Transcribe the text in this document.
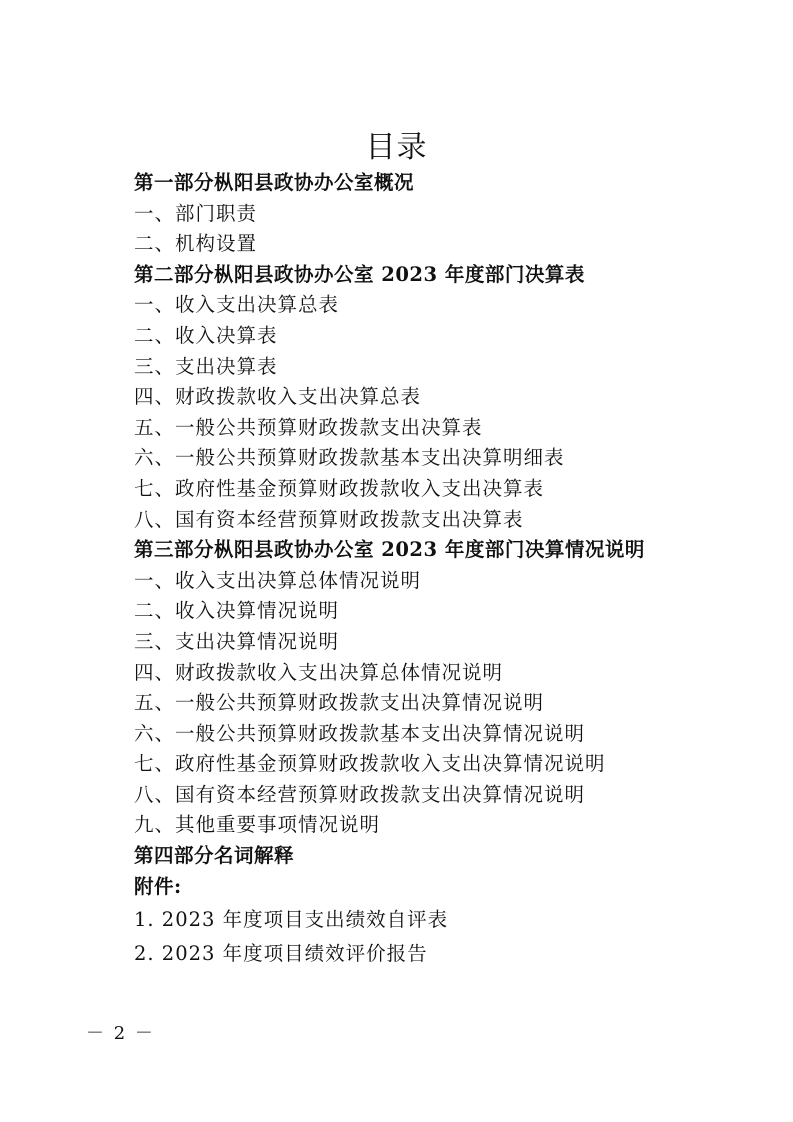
目录
第一部分枞阳县政协办公室概况
一、部门职责
二、机构设置
第二部分枞阳县政协办公室 2023 年度部门决算表
一、收入支出决算总表
二、收入决算表
三、支出决算表
四、财政拨款收入支出决算总表
五、一般公共预算财政拨款支出决算表
六、一般公共预算财政拨款基本支出决算明细表
七、政府性基金预算财政拨款收入支出决算表
八、国有资本经营预算财政拨款支出决算表
第三部分枞阳县政协办公室 2023 年度部门决算情况说明
一、收入支出决算总体情况说明
二、收入决算情况说明
三、支出决算情况说明
四、财政拨款收入支出决算总体情况说明
五、一般公共预算财政拨款支出决算情况说明
六、一般公共预算财政拨款基本支出决算情况说明
七、政府性基金预算财政拨款收入支出决算情况说明
八、国有资本经营预算财政拨款支出决算情况说明
九、其他重要事项情况说明
第四部分名词解释
附件:
1. 2023 年度项目支出绩效自评表
2. 2023 年度项目绩效评价报告
－ 2 －
